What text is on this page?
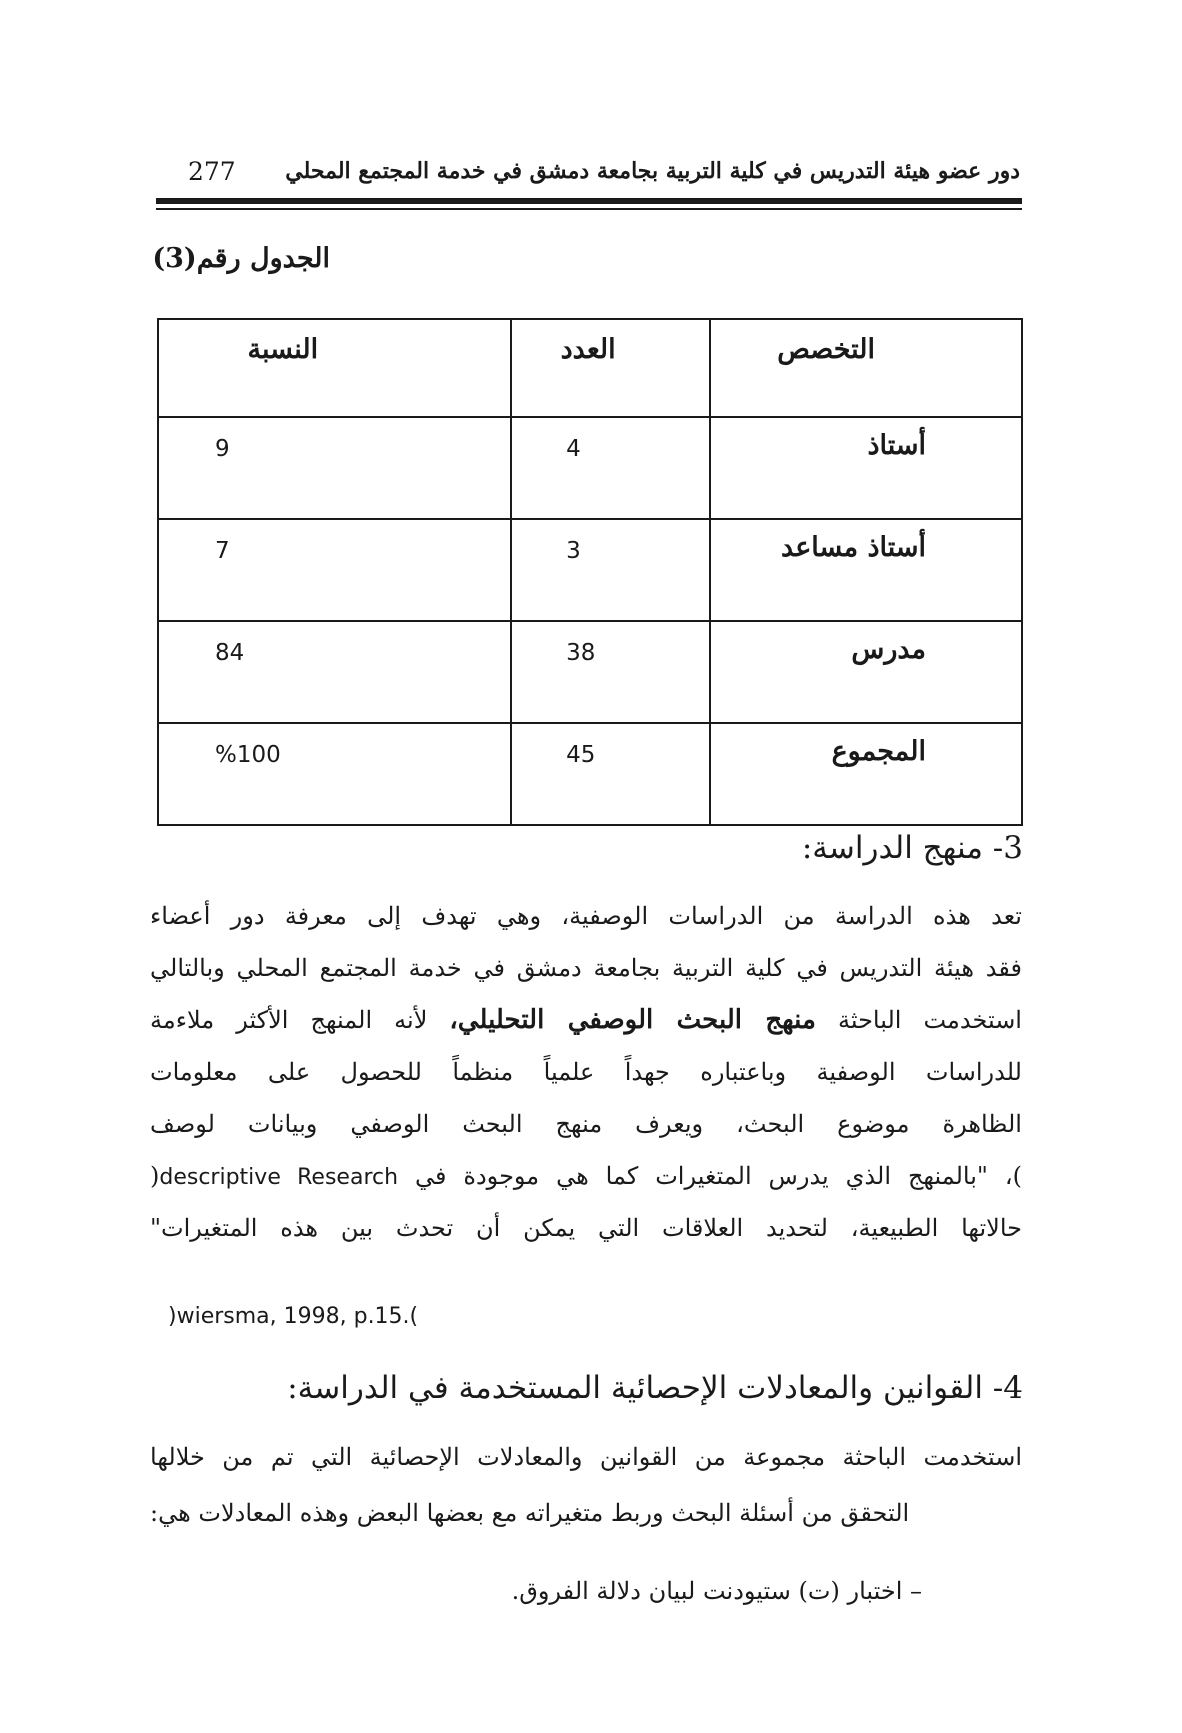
دور عضو هيئة التدريس في كلية التربية بجامعة دمشق في خدمة المجتمع المحلي
277
الجدول رقم(3)
التخصص	العدد	النسبة
أستاذ	4	9
أستاذ مساعد	3	7
مدرس	38	84
المجموع	45	%100
3- منهج الدراسة:
تعد هذه الدراسة من الدراسات الوصفية، وهي تهدف إلى معرفة دور أعضاء
فقد هيئة التدريس في كلية التربية بجامعة دمشق في خدمة المجتمع المحلي وبالتالي
استخدمت الباحثة منهج البحث الوصفي التحليلي، لأنه المنهج الأكثر ملاءمة
للدراسات الوصفية وباعتباره جهداً علمياً منظماً للحصول على معلومات
الظاهرة موضوع البحث، ويعرف منهج البحث الوصفي وبيانات لوصف
)، "بالمنهج الذي يدرس المتغيرات كما هي موجودة في descriptive Research(
حالاتها الطبيعية، لتحديد العلاقات التي يمكن أن تحدث بين هذه المتغيرات"
)wiersma, 1998, p.15.(
4- القوانين والمعادلات الإحصائية المستخدمة في الدراسة:
استخدمت الباحثة مجموعة من القوانين والمعادلات الإحصائية التي تم من خلالها
التحقق من أسئلة البحث وربط متغيراته مع بعضها البعض وهذه المعادلات هي:
– اختبار (ت) ستيودنت لبيان دلالة الفروق.
